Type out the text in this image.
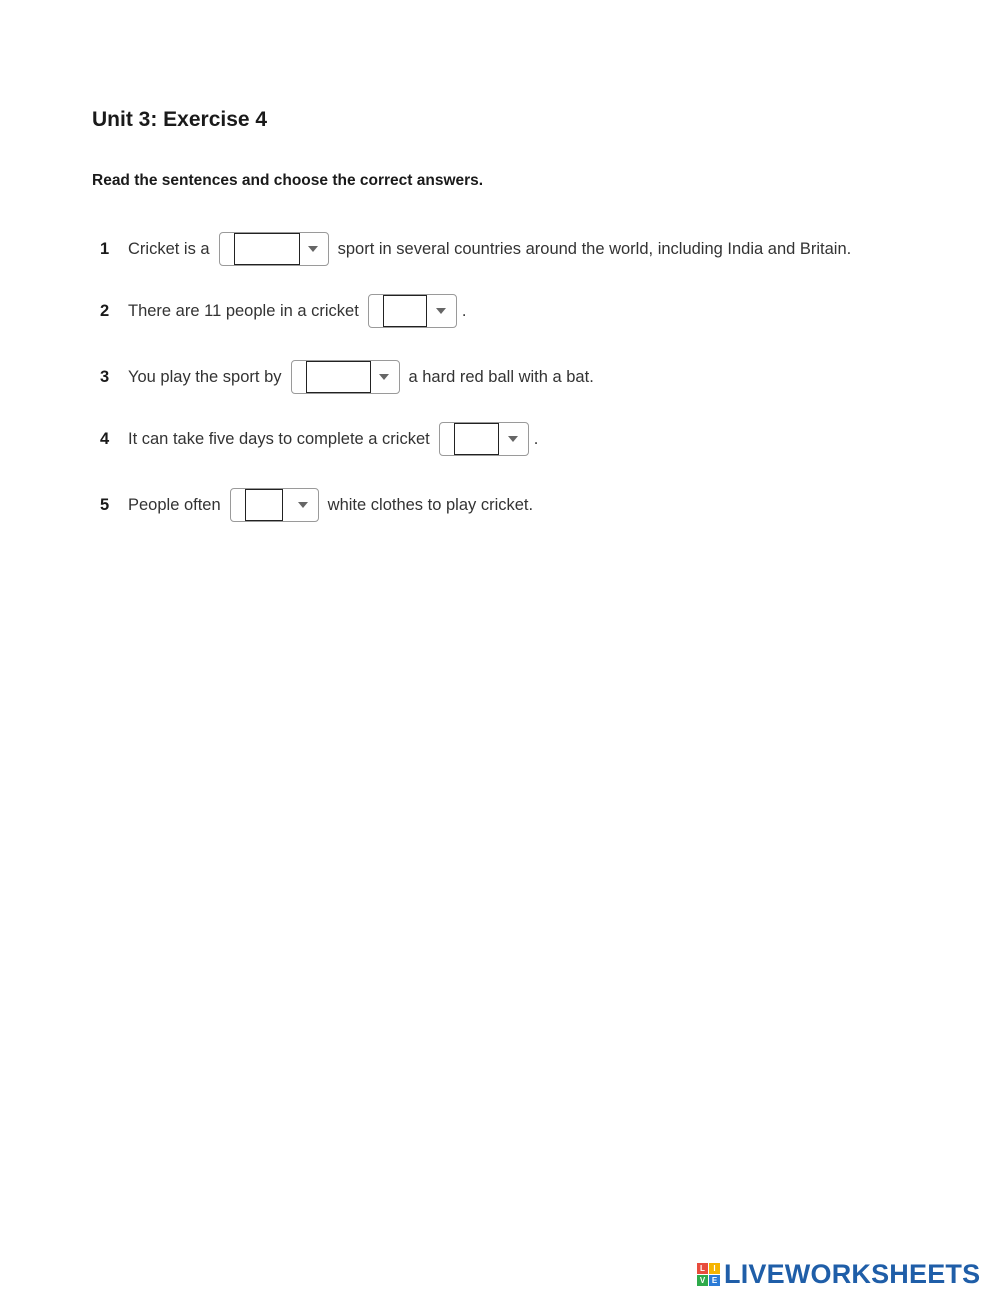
Unit 3: Exercise 4

Read the sentences and choose the correct answers.

1	Cricket is a	sport in several countries around the world, including India and Britain.
2	There are 11 people in a cricket	.
3	You play the sport by	a hard red ball with a bat.
4	It can take five days to complete a cricket	.
5	People often	white clothes to play cricket.
L	I
V E LIVEWORKSHEETS
